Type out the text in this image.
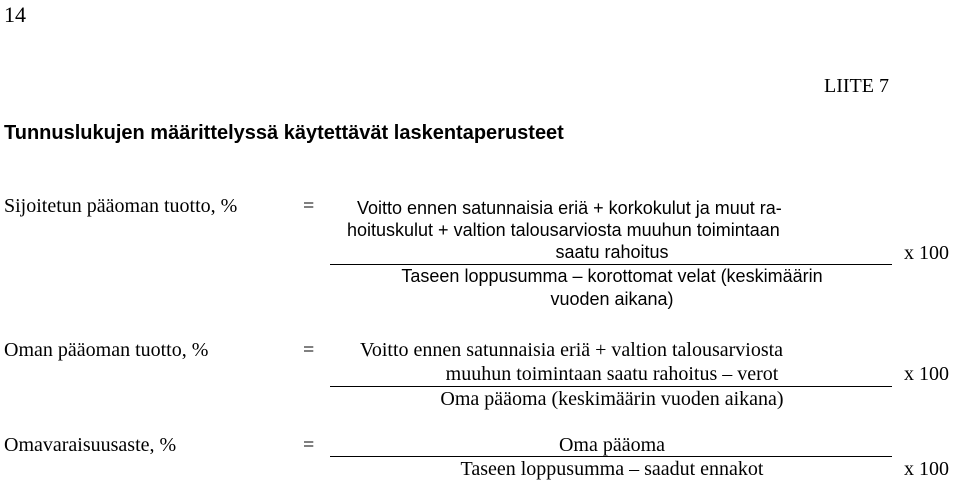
14
LIITE 7
Tunnuslukujen määrittelyssä käytettävät laskentaperusteet
Sijoitetun pääoman tuotto, %	= Voitto ennen satunnaisia eriä + korkokulut ja muut ra-
hoituskulut + valtion talousarviosta muuhun toimintaan
saatu rahoitus
Taseen loppusumma – korottomat velat (keskimäärin
vuoden aikana)
x 100
Oman pääoman tuotto, %	= Voitto ennen satunnaisia eriä + valtion talousarviosta
muuhun toimintaan saatu rahoitus – verot
Oma pääoma (keskimäärin vuoden aikana)
x 100
Omavaraisuusaste, %	=	Oma pääoma
Taseen loppusumma – saadut ennakot	x 100
